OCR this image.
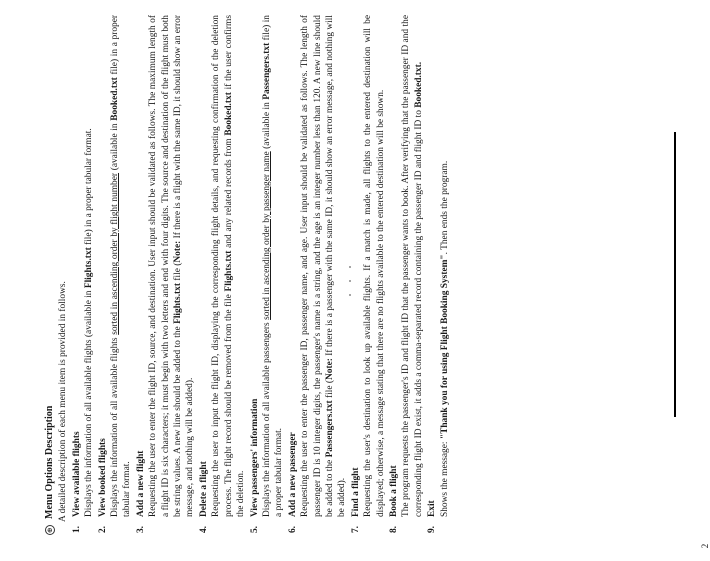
⊕
Menu Options Description A detailed description of each menu item is provided in follows.
1.
View available flights Displays the information of all available flights (available in Flights.txt file) in a proper tabular format.
2.
View booked flights Displays the information of all available flights sorted in ascending order by flight number (available in Booked.txt file) in a proper tabular format.
3.
Add a new flight Requesting the user to enter the flight ID, source, and destination. User input should be validated as follows. The maximum length of a flight ID is six characters; it must begin with two letters and end with four digits. The source and destination of the flight must both be string values. A new line should be added to the Flights.txt file (Note: If there is a flight with the same ID, it should show an error message, and nothing will be added).
4.
Delete a flight Requesting the user to input the flight ID, displaying the corresponding flight details, and requesting confirmation of the deletion process. The flight record should be removed from the file Flights.txt and any related records from Booked.txt if the user confirms the deletion.
5.
View passengers' information Displays the information of all available passengers sorted in ascending order by passenger name (available in Passengers.txt file) in a proper tabular format.
6.
Add a new passenger Requesting the user to enter the passenger ID, passenger name, and age. User input should be validated as follows. The length of passenger ID is 10 integer digits, the passenger's name is a string, and the age is an integer number less than 120. A new line should be added to the Passengers.txt file (Note: If there is a passenger with the same ID, it should show an error message, and nothing will be added).
7.
Find a flight Requesting the user's destination to look up available flights. If a match is made, all flights to the entered destination will be displayed; otherwise, a message stating that there are no flights available to the entered destination will be shown.
8.
Book a flight The program requests the passenger's ID and flight ID that the passenger wants to book. After verifying that the passenger ID and the corresponding flight ID exist, it adds a comma-separated record containing the passenger ID and flight ID to Booked.txt.
9.
Exit Shows the message: "Thank you for using Flight Booking System". Then ends the program.
2
